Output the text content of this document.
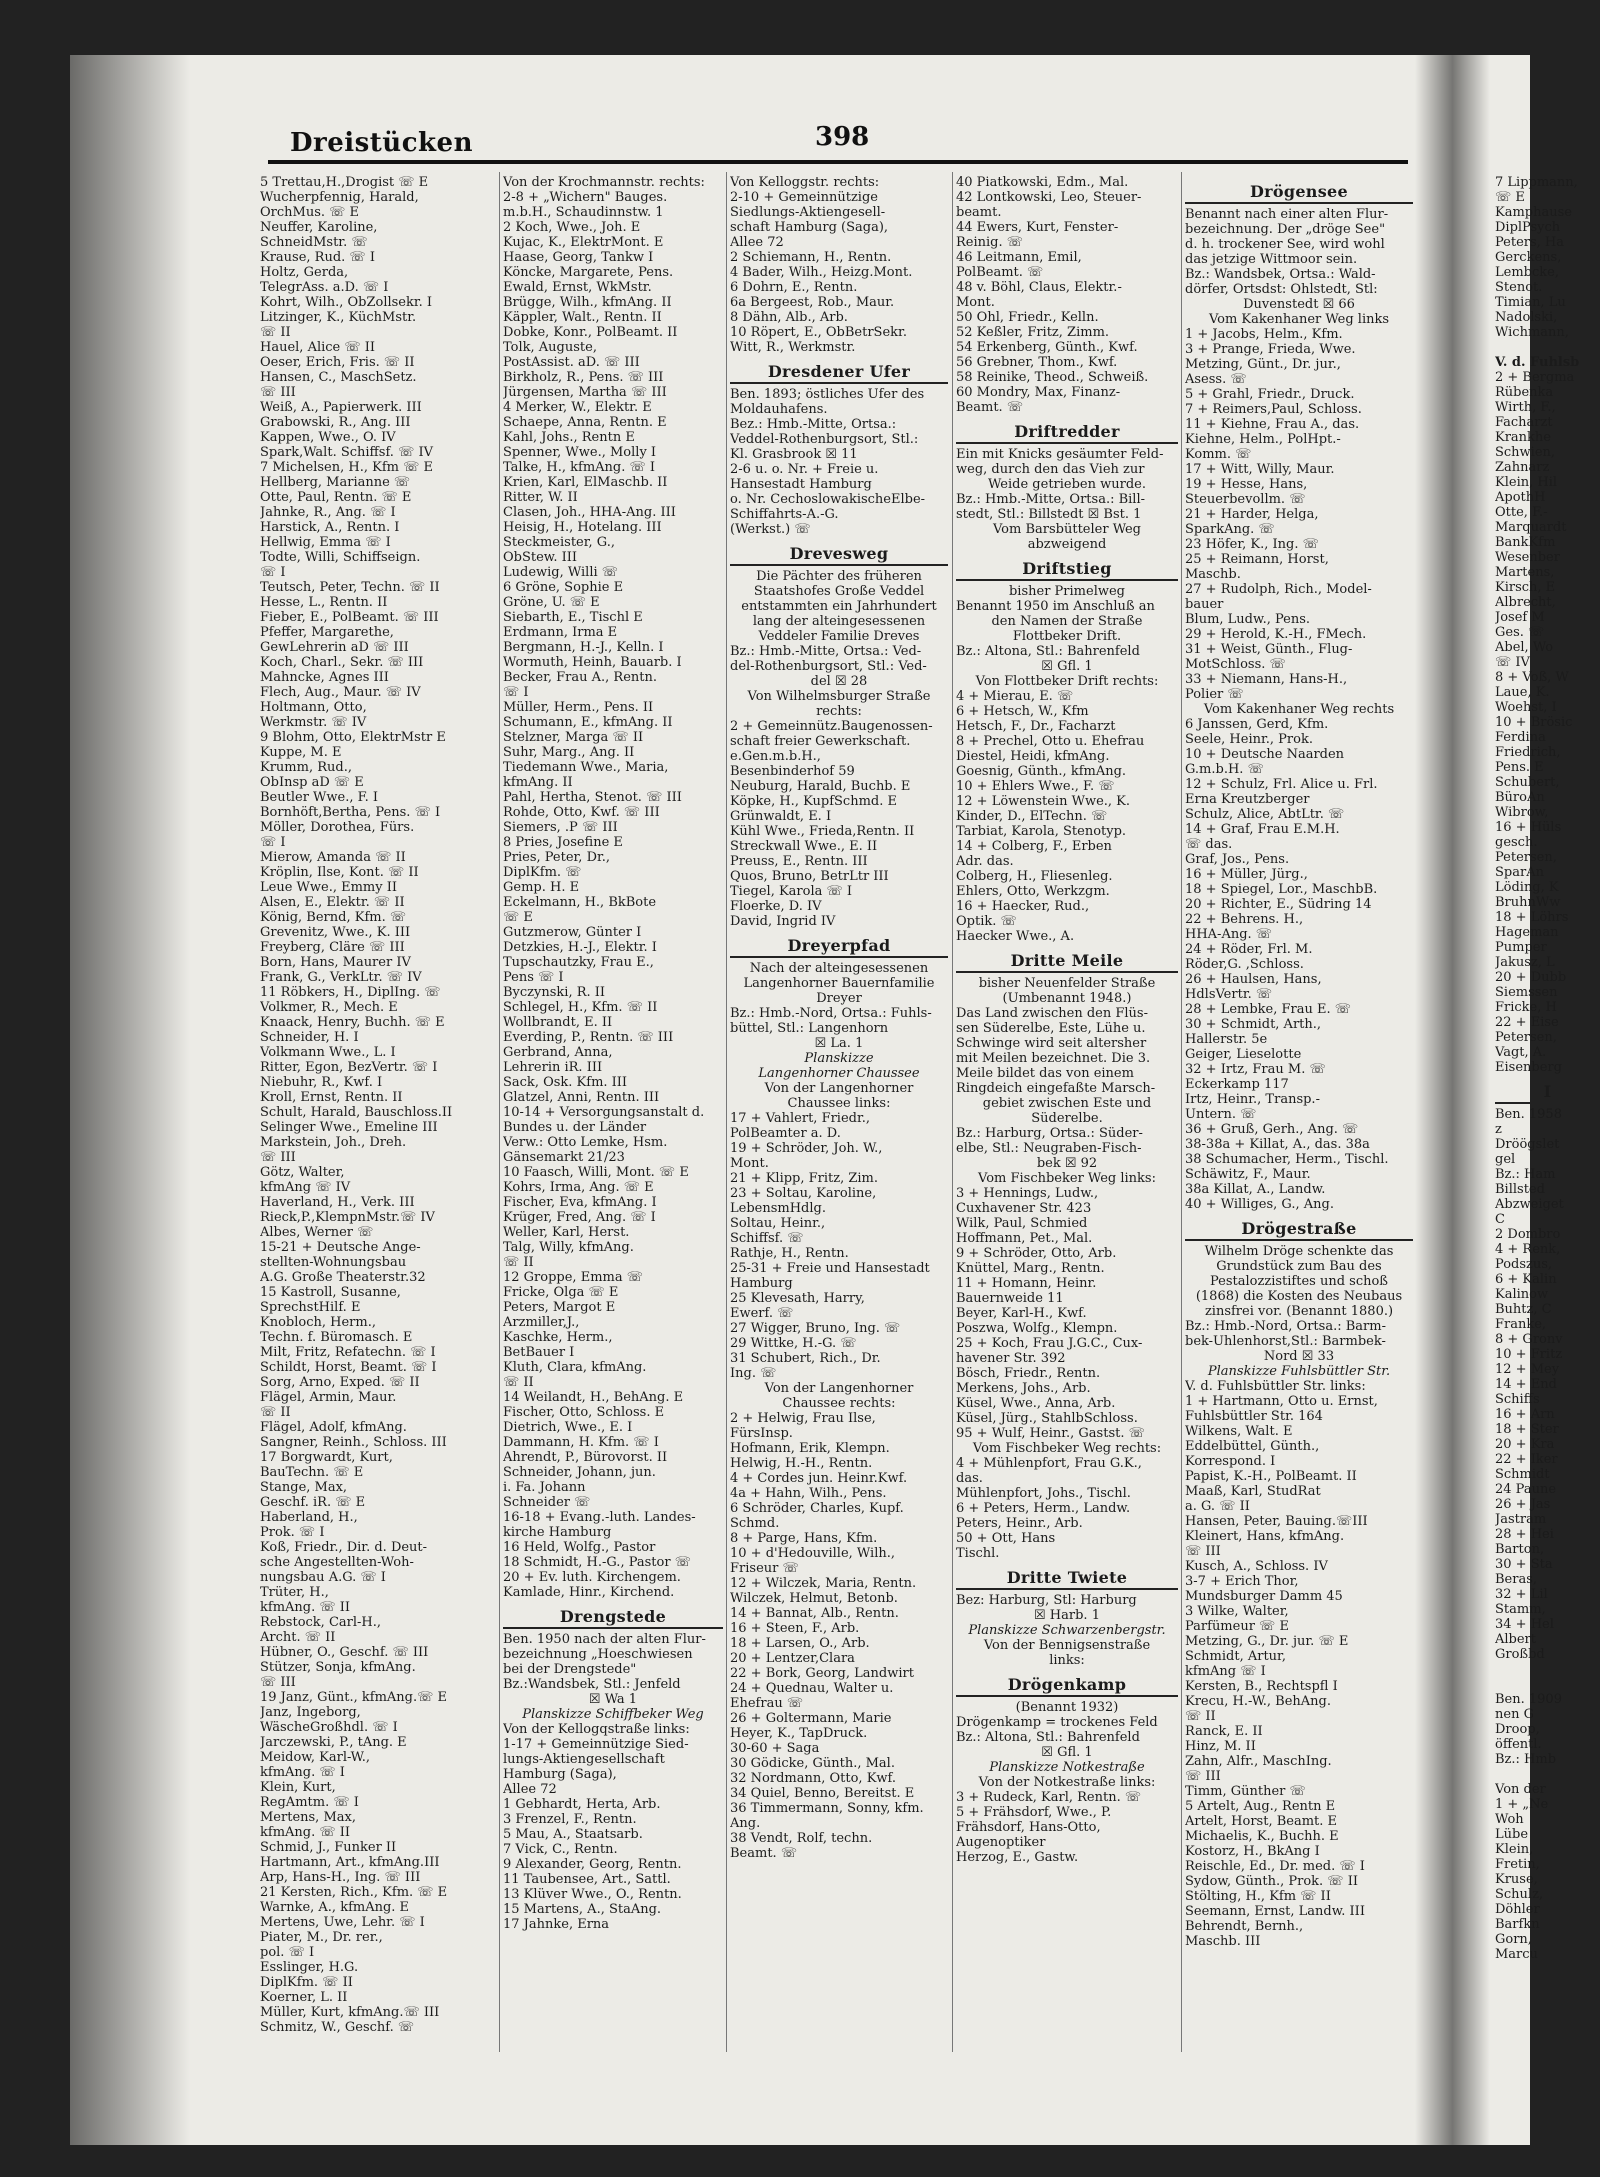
Dreistücken	398

5 Trettau,H.,Drogist ☏ E

Wucherpfennig, Harald,

OrchMus. ☏ E

Neuffer, Karoline,

SchneidMstr. ☏

Krause, Rud. ☏ I

Holtz, Gerda,

TelegrAss. a.D. ☏ I

Kohrt, Wilh., ObZollsekr. I

Litzinger, K., KüchMstr.

☏ II

Hauel, Alice ☏ II

Oeser, Erich, Fris. ☏ II

Hansen, C., MaschSetz.

☏ III

Weiß, A., Papierwerk. III

Grabowski, R., Ang. III

Kappen, Wwe., O. IV

Spark,Walt. Schiffsf. ☏ IV

7 Michelsen, H., Kfm ☏ E

Hellberg, Marianne ☏

Otte, Paul, Rentn. ☏ E

Jahnke, R., Ang. ☏ I

Harstick, A., Rentn. I

Hellwig, Emma ☏ I

Todte, Willi, Schiffseign.

☏ I

Teutsch, Peter, Techn. ☏ II

Hesse, L., Rentn. II

Fieber, E., PolBeamt. ☏ III

Pfeffer, Margarethe,

GewLehrerin aD ☏ III

Koch, Charl., Sekr. ☏ III

Mahncke, Agnes III

Flech, Aug., Maur. ☏ IV

Holtmann, Otto,

Werkmstr. ☏ IV

9 Blohm, Otto, ElektrMstr E

Kuppe, M. E

Krumm, Rud.,

ObInsp aD ☏ E

Beutler Wwe., F. I

Bornhöft,Bertha, Pens. ☏ I

Möller, Dorothea, Fürs.

☏ I

Mierow, Amanda ☏ II

Kröplin, Ilse, Kont. ☏ II

Leue Wwe., Emmy II

Alsen, E., Elektr. ☏ II

König, Bernd, Kfm. ☏

Grevenitz, Wwe., K. III

Freyberg, Cläre ☏ III

Born, Hans, Maurer IV

Frank, G., VerkLtr. ☏ IV

11 Röbkers, H., DiplIng. ☏

Volkmer, R., Mech. E

Knaack, Henry, Buchh. ☏ E

Schneider, H. I

Volkmann Wwe., L. I

Ritter, Egon, BezVertr. ☏ I

Niebuhr, R., Kwf. I

Kroll, Ernst, Rentn. II

Schult, Harald, Bauschloss.II

Selinger Wwe., Emeline III

Markstein, Joh., Dreh.

☏ III

Götz, Walter,

kfmAng ☏ IV

Haverland, H., Verk. III

Rieck,P.,KlempnMstr.☏ IV

Albes, Werner ☏

15-21 + Deutsche Ange-

stellten-Wohnungsbau

A.G. Große Theaterstr.32

15 Kastroll, Susanne,

SprechstHilf. E

Knobloch, Herm.,

Techn. f. Büromasch. E

Milt, Fritz, Refatechn. ☏ I

Schildt, Horst, Beamt. ☏ I

Sorg, Arno, Exped. ☏ II

Flägel, Armin, Maur.

☏ II

Flägel, Adolf, kfmAng.

Sangner, Reinh., Schloss. III

17 Borgwardt, Kurt,

BauTechn. ☏ E

Stange, Max,

Geschf. iR. ☏ E

Haberland, H.,

Prok. ☏ I

Koß, Friedr., Dir. d. Deut-

sche Angestellten-Woh-

nungsbau A.G. ☏ I

Trüter, H.,

kfmAng. ☏ II

Rebstock, Carl-H.,

Archt. ☏ II

Hübner, O., Geschf. ☏ III

Stützer, Sonja, kfmAng.

☏ III

19 Janz, Günt., kfmAng.☏ E

Janz, Ingeborg,

WäscheGroßhdl. ☏ I

Jarczewski, P., tAng. E

Meidow, Karl-W.,

kfmAng. ☏ I

Klein, Kurt,

RegAmtm. ☏ I

Mertens, Max,

kfmAng. ☏ II

Schmid, J., Funker II

Hartmann, Art., kfmAng.III

Arp, Hans-H., Ing. ☏ III

21 Kersten, Rich., Kfm. ☏ E

Warnke, A., kfmAng. E

Mertens, Uwe, Lehr. ☏ I

Piater, M., Dr. rer.,

pol. ☏ I

Esslinger, H.G.

DiplKfm. ☏ II

Koerner, L. II

Müller, Kurt, kfmAng.☏ III

Schmitz, W., Geschf. ☏

Von der Krochmannstr. rechts:

2-8 + „Wichern" Bauges.

m.b.H., Schaudinnstw. 1

2 Koch, Wwe., Joh. E

Kujac, K., ElektrMont. E

Haase, Georg, Tankw I

Köncke, Margarete, Pens.

Ewald, Ernst, WkMstr.

Brügge, Wilh., kfmAng. II

Käppler, Walt., Rentn. II

Dobke, Konr., PolBeamt. II

Tolk, Auguste,

PostAssist. aD. ☏ III

Birkholz, R., Pens. ☏ III

Jürgensen, Martha ☏ III

4 Merker, W., Elektr. E

Schaepe, Anna, Rentn. E

Kahl, Johs., Rentn E

Spenner, Wwe., Molly I

Talke, H., kfmAng. ☏ I

Krien, Karl, ElMaschb. II

Ritter, W. II

Clasen, Joh., HHA-Ang. III

Heisig, H., Hotelang. III

Steckmeister, G.,

ObStew. III

Ludewig, Willi ☏

6 Gröne, Sophie E

Gröne, U. ☏ E

Siebarth, E., Tischl E

Erdmann, Irma E

Bergmann, H.-J., Kelln. I

Wormuth, Heinh, Bauarb. I

Becker, Frau A., Rentn.

☏ I

Müller, Herm., Pens. II

Schumann, E., kfmAng. II

Stelzner, Marga ☏ II

Suhr, Marg., Ang. II

Tiedemann Wwe., Maria,

kfmAng. II

Pahl, Hertha, Stenot. ☏ III

Rohde, Otto, Kwf. ☏ III

Siemers, .P ☏ III

8 Pries, Josefine E

Pries, Peter, Dr.,

DiplKfm. ☏

Gemp. H. E

Eckelmann, H., BkBote

☏ E

Gutzmerow, Günter I

Detzkies, H.-J., Elektr. I

Tupschautzky, Frau E.,

Pens ☏ I

Byczynski, R. II

Schlegel, H., Kfm. ☏ II

Wollbrandt, E. II

Everding, P., Rentn. ☏ III

Gerbrand, Anna,

Lehrerin iR. III

Sack, Osk. Kfm. III

Glatzel, Anni, Rentn. III

10-14 + Versorgungsanstalt d.

Bundes u. der Länder

Verw.: Otto Lemke, Hsm.

Gänsemarkt 21/23

10 Faasch, Willi, Mont. ☏ E

Kohrs, Irma, Ang. ☏ E

Fischer, Eva, kfmAng. I

Krüger, Fred, Ang. ☏ I

Weller, Karl, Herst.

Talg, Willy, kfmAng.

☏ II

12 Groppe, Emma ☏

Fricke, Olga ☏ E

Peters, Margot E

Arzmiller,J.,

Kaschke, Herm.,

BetBauer I

Kluth, Clara, kfmAng.

☏ II

14 Weilandt, H., BehAng. E

Fischer, Otto, Schloss. E

Dietrich, Wwe., E. I

Dammann, H. Kfm. ☏ I

Ahrendt, P., Bürovorst. II

Schneider, Johann, jun.

i. Fa. Johann

Schneider ☏

16-18 + Evang.-luth. Landes-

kirche Hamburg

16 Held, Wolfg., Pastor

18 Schmidt, H.-G., Pastor ☏

20 + Ev. luth. Kirchengem.

Kamlade, Hinr., Kirchend.

Drengstede

Ben. 1950 nach der alten Flur-

bezeichnung „Hoeschwiesen

bei der Drengstede"

Bz.:Wandsbek, Stl.: Jenfeld

☒ Wa 1

Planskizze Schiffbeker Weg

Von der Kellogqstraße links:

1-17 + Gemeinnützige Sied-

lungs-Aktiengesellschaft

Hamburg (Saga),

Allee 72

1 Gebhardt, Herta, Arb.

3 Frenzel, F., Rentn.

5 Mau, A., Staatsarb.

7 Vick, C., Rentn.

9 Alexander, Georg, Rentn.

11 Taubensee, Art., Sattl.

13 Klüver Wwe., O., Rentn.

15 Martens, A., StaAng.

17 Jahnke, Erna

Von Kelloggstr. rechts:

2-10 + Gemeinnützige

Siedlungs-Aktiengesell-

schaft Hamburg (Saga),

Allee 72

2 Schiemann, H., Rentn.

4 Bader, Wilh., Heizg.Mont.

6 Dohrn, E., Rentn.

6a Bergeest, Rob., Maur.

8 Dähn, Alb., Arb.

10 Röpert, E., ObBetrSekr.

Witt, R., Werkmstr.

Dresdener Ufer

Ben. 1893; östliches Ufer des

Moldauhafens.

Bez.: Hmb.-Mitte, Ortsa.:

Veddel-Rothenburgsort, Stl.:

Kl. Grasbrook ☒ 11

2-6 u. o. Nr. + Freie u.

Hansestadt Hamburg

o. Nr. CechoslowakischeElbe-

Schiffahrts-A.-G.

(Werkst.) ☏

Drevesweg

Die Pächter des früheren

Staatshofes Große Veddel

entstammten ein Jahrhundert

lang der alteingesessenen

Veddeler Familie Dreves

Bz.: Hmb.-Mitte, Ortsa.: Ved-

del-Rothenburgsort, Stl.: Ved-

del ☒ 28

Von Wilhelmsburger Straße

rechts:

2 + Gemeinnütz.Baugenossen-

schaft freier Gewerkschaft.

e.Gen.m.b.H.,

Besenbinderhof 59

Neuburg, Harald, Buchb. E

Köpke, H., KupfSchmd. E

Grünwaldt, E. I

Kühl Wwe., Frieda,Rentn. II

Streckwall Wwe., E. II

Preuss, E., Rentn. III

Quos, Bruno, BetrLtr III

Tiegel, Karola ☏ I

Floerke, D. IV

David, Ingrid IV

Dreyerpfad

Nach der alteingesessenen

Langenhorner Bauernfamilie

Dreyer

Bz.: Hmb.-Nord, Ortsa.: Fuhls-

büttel, Stl.: Langenhorn

☒ La. 1

Planskizze

Langenhorner Chaussee

Von der Langenhorner

Chaussee links:

17 + Vahlert, Friedr.,

PolBeamter a. D.

19 + Schröder, Joh. W.,

Mont.

21 + Klipp, Fritz, Zim.

23 + Soltau, Karoline,

LebensmHdlg.

Soltau, Heinr.,

Schiffsf. ☏

Rathje, H., Rentn.

25-31 + Freie und Hansestadt

Hamburg

25 Klevesath, Harry,

Ewerf. ☏

27 Wigger, Bruno, Ing. ☏

29 Wittke, H.-G. ☏

31 Schubert, Rich., Dr.

Ing. ☏

Von der Langenhorner

Chaussee rechts:

2 + Helwig, Frau Ilse,

FürsInsp.

Hofmann, Erik, Klempn.

Helwig, H.-H., Rentn.

4 + Cordes jun. Heinr.Kwf.

4a + Hahn, Wilh., Pens.

6 Schröder, Charles, Kupf.

Schmd.

8 + Parge, Hans, Kfm.

10 + d'Hedouville, Wilh.,

Friseur ☏

12 + Wilczek, Maria, Rentn.

Wilczek, Helmut, Betonb.

14 + Bannat, Alb., Rentn.

16 + Steen, F., Arb.

18 + Larsen, O., Arb.

20 + Lentzer,Clara

22 + Bork, Georg, Landwirt

24 + Quednau, Walter u.

Ehefrau ☏

26 + Goltermann, Marie

Heyer, K., TapDruck.

30-60 + Saga

30 Gödicke, Günth., Mal.

32 Nordmann, Otto, Kwf.

34 Quiel, Benno, Bereitst. E

36 Timmermann, Sonny, kfm.

Ang.

38 Vendt, Rolf, techn.

Beamt. ☏

40 Piatkowski, Edm., Mal.

42 Lontkowski, Leo, Steuer-

beamt.

44 Ewers, Kurt, Fenster-

Reinig. ☏

46 Leitmann, Emil,

PolBeamt. ☏

48 v. Böhl, Claus, Elektr.-

Mont.

50 Ohl, Friedr., Kelln.

52 Keßler, Fritz, Zimm.

54 Erkenberg, Günth., Kwf.

56 Grebner, Thom., Kwf.

58 Reinike, Theod., Schweiß.

60 Mondry, Max, Finanz-

Beamt. ☏

Driftredder

Ein mit Knicks gesäumter Feld-

weg, durch den das Vieh zur

Weide getrieben wurde.

Bz.: Hmb.-Mitte, Ortsa.: Bill-

stedt, Stl.: Billstedt ☒ Bst. 1

Vom Barsbütteler Weg

abzweigend

Driftstieg

bisher Primelweg

Benannt 1950 im Anschluß an

den Namen der Straße

Flottbeker Drift.

Bz.: Altona, Stl.: Bahrenfeld

☒ Gfl. 1

Von Flottbeker Drift rechts:

4 + Mierau, E. ☏

6 + Hetsch, W., Kfm

Hetsch, F., Dr., Facharzt

8 + Prechel, Otto u. Ehefrau

Diestel, Heidi, kfmAng.

Goesnig, Günth., kfmAng.

10 + Ehlers Wwe., F. ☏

12 + Löwenstein Wwe., K.

Kinder, D., ElTechn. ☏

Tarbiat, Karola, Stenotyp.

14 + Colberg, F., Erben

Adr. das.

Colberg, H., Fliesenleg.

Ehlers, Otto, Werkzgm.

16 + Haecker, Rud.,

Optik. ☏

Haecker Wwe., A.

Dritte Meile

bisher Neuenfelder Straße

(Umbenannt 1948.)

Das Land zwischen den Flüs-

sen Süderelbe, Este, Lühe u.

Schwinge wird seit altersher

mit Meilen bezeichnet. Die 3.

Meile bildet das von einem

Ringdeich eingefaßte Marsch-

gebiet zwischen Este und

Süderelbe.

Bz.: Harburg, Ortsa.: Süder-

elbe, Stl.: Neugraben-Fisch-

bek ☒ 92

Vom Fischbeker Weg links:

3 + Hennings, Ludw.,

Cuxhavener Str. 423

Wilk, Paul, Schmied

Hoffmann, Pet., Mal.

9 + Schröder, Otto, Arb.

Knüttel, Marg., Rentn.

11 + Homann, Heinr.

Bauernweide 11

Beyer, Karl-H., Kwf.

Poszwa, Wolfg., Klempn.

25 + Koch, Frau J.G.C., Cux-

havener Str. 392

Bösch, Friedr., Rentn.

Merkens, Johs., Arb.

Küsel, Wwe., Anna, Arb.

Küsel, Jürg., StahlbSchloss.

95 + Wulf, Heinr., Gastst. ☏

Vom Fischbeker Weg rechts:

4 + Mühlenpfort, Frau G.K.,

das.

Mühlenpfort, Johs., Tischl.

6 + Peters, Herm., Landw.

Peters, Heinr., Arb.

50 + Ott, Hans

Tischl.

Dritte Twiete

Bez: Harburg, Stl: Harburg

☒ Harb. 1

Planskizze Schwarzenbergstr.

Von der Bennigsenstraße

links:

Drögenkamp

(Benannt 1932)

Drögenkamp = trockenes Feld

Bz.: Altona, Stl.: Bahrenfeld

☒ Gfl. 1

Planskizze Notkestraße

Von der Notkestraße links:

3 + Rudeck, Karl, Rentn. ☏

5 + Frähsdorf, Wwe., P.

Frähsdorf, Hans-Otto,

Augenoptiker

Herzog, E., Gastw.

Drögensee

Benannt nach einer alten Flur-

bezeichnung. Der „dröge See"

d. h. trockener See, wird wohl

das jetzige Wittmoor sein.

Bz.: Wandsbek, Ortsa.: Wald-

dörfer, Ortsdst: Ohlstedt, Stl:

Duvenstedt ☒ 66

Vom Kakenhaner Weg links

1 + Jacobs, Helm., Kfm.

3 + Prange, Frieda, Wwe.

Metzing, Günt., Dr. jur.,

Asess. ☏

5 + Grahl, Friedr., Druck.

7 + Reimers,Paul, Schloss.

11 + Kiehne, Frau A., das.

Kiehne, Helm., PolHpt.-

Komm. ☏

17 + Witt, Willy, Maur.

19 + Hesse, Hans,

Steuerbevollm. ☏

21 + Harder, Helga,

SparkAng. ☏

23 Höfer, K., Ing. ☏

25 + Reimann, Horst,

Maschb.

27 + Rudolph, Rich., Model-

bauer

Blum, Ludw., Pens.

29 + Herold, K.-H., FMech.

31 + Weist, Günth., Flug-

MotSchloss. ☏

33 + Niemann, Hans-H.,

Polier ☏

Vom Kakenhaner Weg rechts

6 Janssen, Gerd, Kfm.

Seele, Heinr., Prok.

10 + Deutsche Naarden

G.m.b.H. ☏

12 + Schulz, Frl. Alice u. Frl.

Erna Kreutzberger

Schulz, Alice, AbtLtr. ☏

14 + Graf, Frau E.M.H.

☏ das.

Graf, Jos., Pens.

16 + Müller, Jürg.,

18 + Spiegel, Lor., MaschbB.

20 + Richter, E., Südring 14

22 + Behrens. H.,

HHA-Ang. ☏

24 + Röder, Frl. M.

Röder,G. ,Schloss.

26 + Haulsen, Hans,

HdlsVertr. ☏

28 + Lembke, Frau E. ☏

30 + Schmidt, Arth.,

Hallerstr. 5e

Geiger, Lieselotte

32 + Irtz, Frau M. ☏

Eckerkamp 117

Irtz, Heinr., Transp.-

Untern. ☏

36 + Gruß, Gerh., Ang. ☏

38-38a + Killat, A., das. 38a

38 Schumacher, Herm., Tischl.

Schäwitz, F., Maur.

38a Killat, A., Landw.

40 + Williges, G., Ang.

Drögestraße

Wilhelm Dröge schenkte das

Grundstück zum Bau des

Pestalozzistiftes und schoß

(1868) die Kosten des Neubaus

zinsfrei vor. (Benannt 1880.)

Bz.: Hmb.-Nord, Ortsa.: Barm-

bek-Uhlenhorst,Stl.: Barmbek-

Nord ☒ 33

Planskizze Fuhlsbüttler Str.

V. d. Fuhlsbüttler Str. links:

1 + Hartmann, Otto u. Ernst,

Fuhlsbüttler Str. 164

Wilkens, Walt. E

Eddelbüttel, Günth.,

Korrespond. I

Papist, K.-H., PolBeamt. II

Maaß, Karl, StudRat

a. G. ☏ II

Hansen, Peter, Bauing.☏III

Kleinert, Hans, kfmAng.

☏ III

Kusch, A., Schloss. IV

3-7 + Erich Thor,

Mundsburger Damm 45

3 Wilke, Walter,

Parfümeur ☏ E

Metzing, G., Dr. jur. ☏ E

Schmidt, Artur,

kfmAng ☏ I

Kersten, B., Rechtspfl I

Krecu, H.-W., BehAng.

☏ II

Ranck, E. II

Hinz, M. II

Zahn, Alfr., MaschIng.

☏ III

Timm, Günther ☏

5 Artelt, Aug., Rentn E

Artelt, Horst, Beamt. E

Michaelis, K., Buchh. E

Kostorz, H., BkAng I

Reischle, Ed., Dr. med. ☏ I

Sydow, Günth., Prok. ☏ II

Stölting, H., Kfm ☏ II

Seemann, Ernst, Landw. III

Behrendt, Bernh.,

Maschb. III

7 Lippmann,

☏ E

Kamphause

DiplPsych

Peters, Ha

Gerckens,

Lembcke,

Stenot.

Timian, Lu

Nadolski,

Wichmann,

V. d. Fuhlsb

2 + Bergma

Rübenka

Wirth, F.,

Facharzt

Krankhe

Schwien,

Zahnarz

Klein, Hil

ApothH

Otte, F.-

Marquardt

BankKfm

Wesenber

Martens,

Kirsch, E

Albrecht,

Josef M

Ges. ☏

Abel, Wo

☏ IV

8 + Voß, W

Laue, K.

Woehst, I

10 + Brösic

Ferdina

Friedrich,

Pens. E

Schubert,

BüroAn

Wibrow,

16 + Hüls

gesch.

Petersen,

SparAn

Löding, K

BruhnWw

18 + Löhrs

Hageman

Pumper

Jakusz, L

20 + Dubb

Siemssen

Fricke, H

22 + Eise

Petersen,

Vagt, A.

Eisenberg

I

Ben. 1958

z

Dröögslet

gel

Bz.: Ham

Billsted

Abzweiget

C

2 Dombro

4 + Renk,

Podszus,

6 + Kalin

Kalinow

Buhtz, C

Franke,

8 + Gronv

10 + Fritz

12 + Mey

14 + End

Schiffs

16 + Arn

18 + Ster

20 + Kra

22 + Iker

Schmidt

24 Paune

26 + Jas

Jastram

28 + Hei

Barton,

30 + Sta

Beras,

32 + Lil

Stamm,

34 + Hel

Albert

Großbd

Ben. 1909

nen G

Droop,

öffentl.

Bz.: Hmb

Von der

1 + „Ne

Woh

Lübe

Klein,

Fretin,

Kruse,

Schulz,

Döhler

Barfkn

Gorn,

Marcu
